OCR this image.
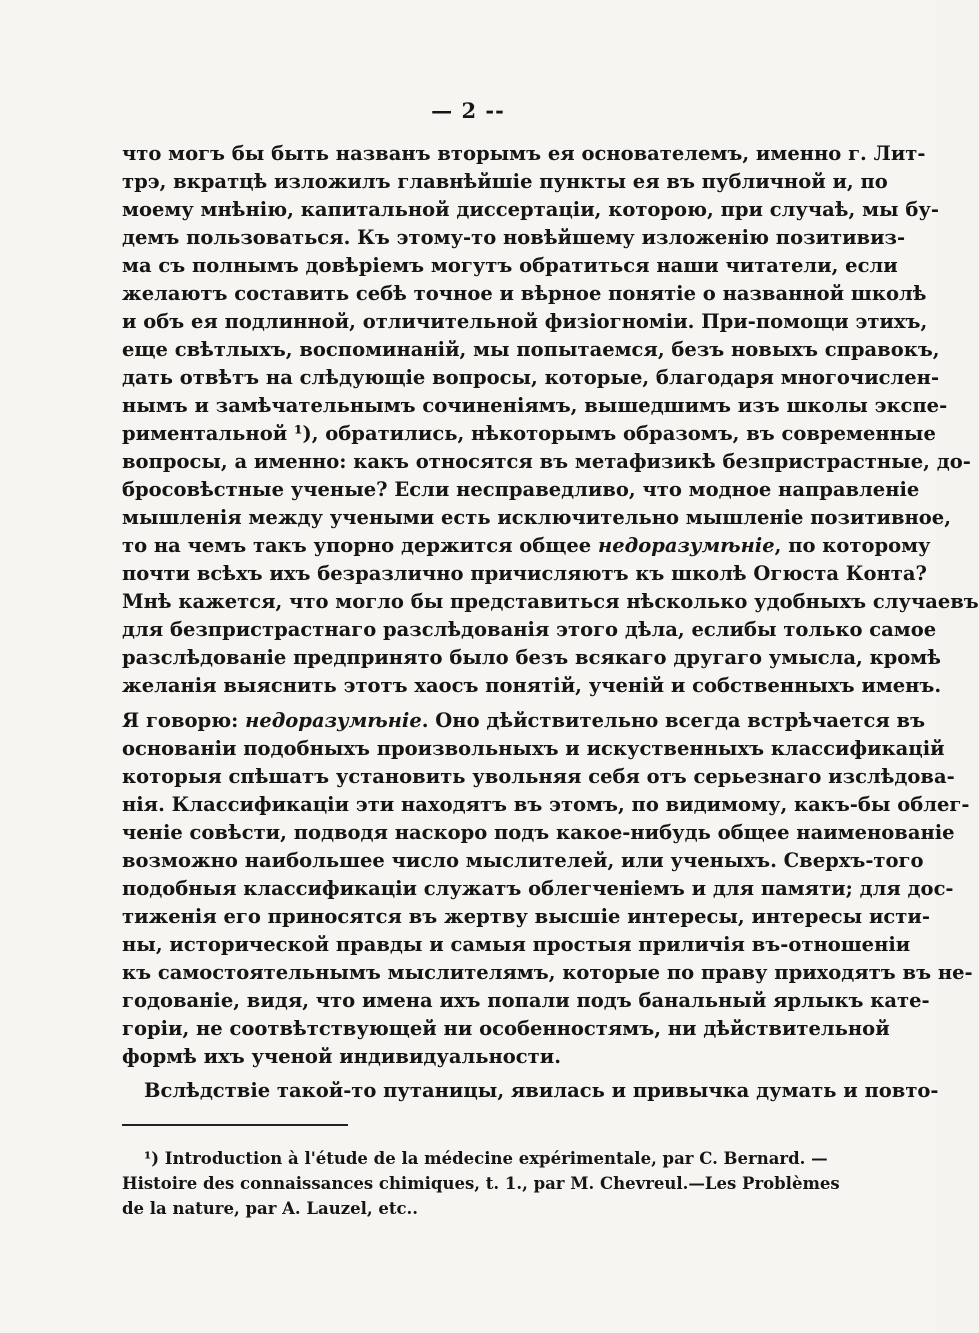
— 2 --
что могъ бы быть названъ вторымъ ея основателемъ, именно г. Лит-
трэ, вкратцѣ изложилъ главнѣйшіе пункты ея въ публичной и, по
моему мнѣнію, капитальной диссертаціи, которою, при случаѣ, мы бу-
демъ пользоваться. Къ этому-то новѣйшему изложенію позитивиз-
ма съ полнымъ довѣріемъ могутъ обратиться наши читатели, если
желаютъ составить себѣ точное и вѣрное понятіе о названной школѣ
и объ ея подлинной, отличительной физіогноміи. При-помощи этихъ,
еще свѣтлыхъ, воспоминаній, мы попытаемся, безъ новыхъ справокъ,
дать отвѣтъ на слѣдующіе вопросы, которые, благодаря многочислен-
нымъ и замѣчательнымъ сочиненіямъ, вышедшимъ изъ школы экспе-
риментальной ¹), обратились, нѣкоторымъ образомъ, въ современные
вопросы, а именно: какъ относятся въ метафизикѣ безпристрастные, до-
бросовѣстные ученые? Если несправедливо, что модное направленіе
мышленія между учеными есть исключительно мышленіе позитивное,
то на чемъ такъ упорно держится общее недоразумѣніе, по которому
почти всѣхъ ихъ безразлично причисляютъ къ школѣ Огюста Конта?
Мнѣ кажется, что могло бы представиться нѣсколько удобныхъ случаевъ
для безпристрастнаго разслѣдованія этого дѣла, еслибы только самое
разслѣдованіе предпринято было безъ всякаго другаго умысла, кромѣ
желанія выяснить этотъ хаосъ понятій, ученій и собственныхъ именъ.
Я говорю: недоразумѣніе. Оно дѣйствительно всегда встрѣчается въ
основаніи подобныхъ произвольныхъ и искуственныхъ классификацій
которыя спѣшатъ установить увольняя себя отъ серьезнаго изслѣдова-
нія. Классификаціи эти находятъ въ этомъ, по видимому, какъ-бы облег-
ченіе совѣсти, подводя наскоро подъ какое-нибудь общее наименованіе
возможно наибольшее число мыслителей, или ученыхъ. Сверхъ-того
подобныя классификаціи служатъ облегченіемъ и для памяти; для дос-
тиженія его приносятся въ жертву высшіе интересы, интересы исти-
ны, исторической правды и самыя простыя приличія въ-отношеніи
къ самостоятельнымъ мыслителямъ, которые по праву приходятъ въ не-
годованіе, видя, что имена ихъ попали подъ банальный ярлыкъ кате-
горіи, не соотвѣтствующей ни особенностямъ, ни дѣйствительной
формѣ ихъ ученой индивидуальности.
Вслѣдствіе такой-то путаницы, явилась и привычка думать и повто-
¹) Introduction à l'étude de la médecine expérimentale, par C. Bernard. —
Histoire des connaissances chimiques, t. 1., par M. Chevreul.—Les Problèmes
de la nature, par A. Lauzel, etc..
